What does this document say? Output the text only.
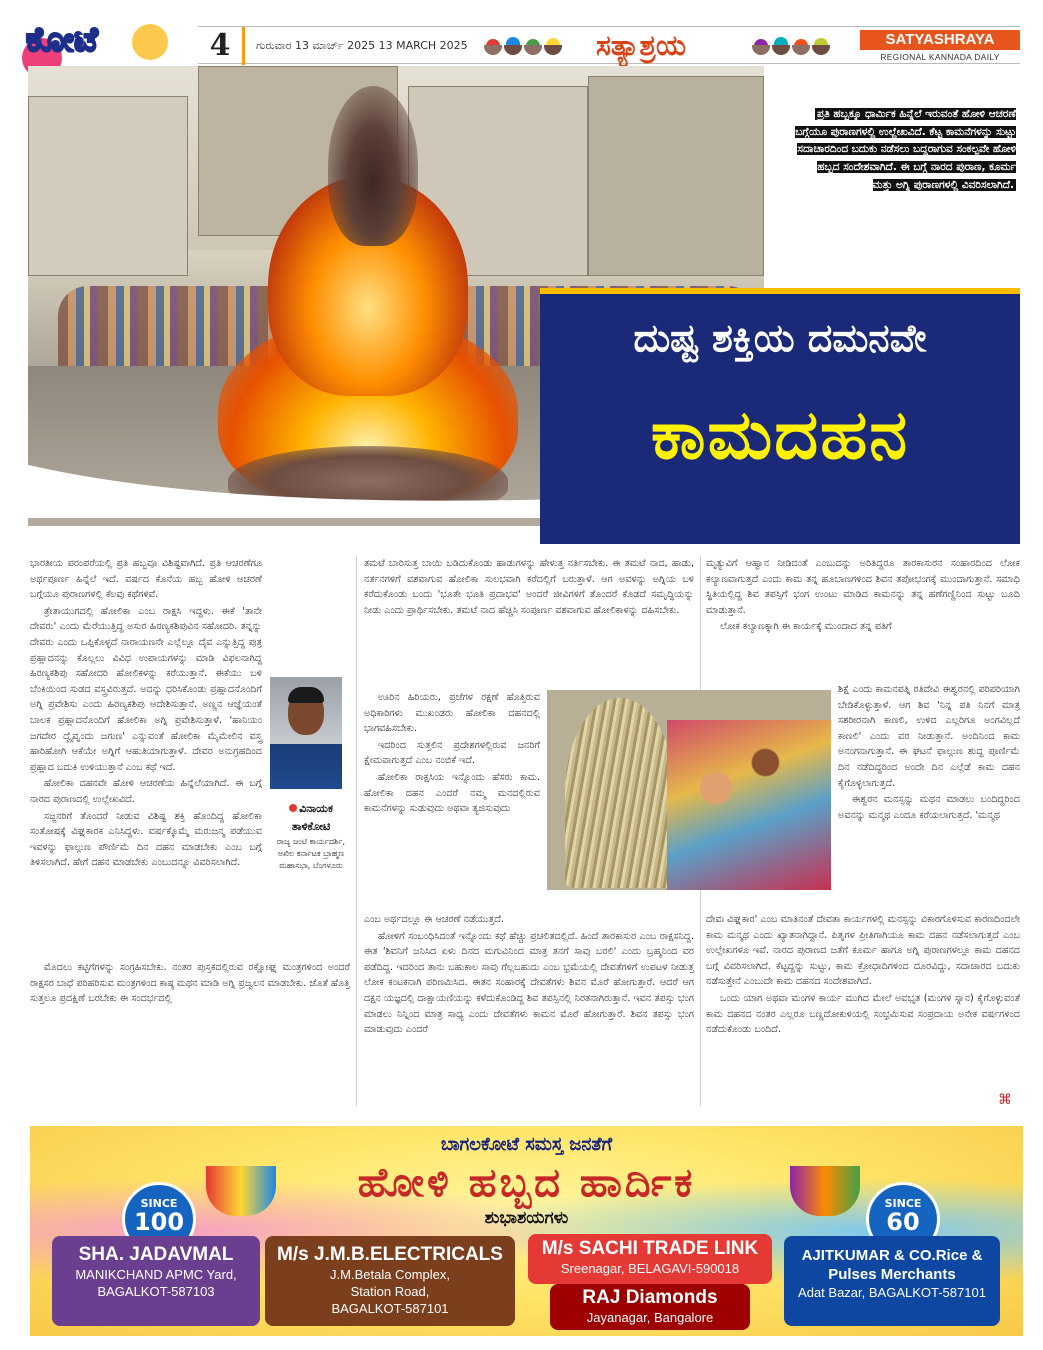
ಕೋಟೆ	4	ಗುರುವಾರ 13 ಮಾರ್ಚ್ 2025 13 MARCH 2025	ಸತ್ಯಾಶ್ರಯ	SATYASHRAYA
REGIONAL KANNADA DAILY

ಪ್ರತಿ ಹಬ್ಬಕ್ಕೂ ಧಾರ್ಮಿಕ ಹಿನ್ನೆಲೆ ಇರುವಂತೆ ಹೋಳಿ ಆಚರಣೆ ಬಗ್ಗೆಯೂ ಪುರಾಣಗಳಲ್ಲಿ ಉಲ್ಲೇಖವಿದೆ. ಕೆಟ್ಟ ಕಾಮನೆಗಳನ್ನು ಸುಟ್ಟು ಸದಾಚಾರದಿಂದ ಬದುಕು ನಡೆಸಲು ಬದ್ಧರಾಗುವ ಸಂಕಲ್ಪವೇ ಹೋಳಿ ಹಬ್ಬದ ಸಂದೇಶವಾಗಿದೆ. ಈ ಬಗ್ಗೆ ನಾರದ ಪುರಾಣ, ಕೂರ್ಮ ಮತ್ತು ಅಗ್ನಿ ಪುರಾಣಗಳಲ್ಲಿ ವಿವರಿಸಲಾಗಿದೆ.

ದುಷ್ಟ ಶಕ್ತಿಯ ದಮನವೇ
ಕಾಮದಹನ

ಭಾರತೀಯ ಪರಂಪರೆಯಲ್ಲಿ ಪ್ರತಿ ಹಬ್ಬವೂ ವಿಶಿಷ್ಟವಾಗಿದೆ. ಪ್ರತಿ ಆಚರಣೆಗೂ ಅರ್ಥಪೂರ್ಣ ಹಿನ್ನೆಲೆ ಇದೆ. ವರ್ಷದ ಕೊನೆಯ ಹಬ್ಬ ಹೋಳಿ ಆಚರಣೆ ಬಗ್ಗೆಯೂ ಪುರಾಣಗಳಲ್ಲಿ ಕೆಲವು ಕಥೆಗಳಿವೆ.

ತ್ರೇತಾಯುಗದಲ್ಲಿ ಹೋಲಿಕಾ ಎಂಬ ರಾಕ್ಷಸಿ ಇದ್ದಳು. ಈಕೆ 'ತಾನೇ ದೇವರು' ಎಂದು ಮೆರೆಯುತ್ತಿದ್ದ ಅಸುರ ಹಿರಣ್ಯಕಶಿಪುವಿನ ಸಹೋದರಿ. ತನ್ನನ್ನು ದೇವರು ಎಂದು ಒಪ್ಪಿಕೊಳ್ಳದೆ ನಾರಾಯಣನೇ ಎಲ್ಲೆಲ್ಲೂ ದೈವ ಎನ್ನುತ್ತಿದ್ದ ಪುತ್ರ ಪ್ರಹ್ಲಾದನನ್ನು ಕೊಲ್ಲಲು ವಿವಿಧ ಉಪಾಯಗಳನ್ನು ಮಾಡಿ ವಿಫಲನಾಗಿದ್ದ ಹಿರಣ್ಯಕಶಿಪು ಸಹೋದರಿ ಹೋಲಿಕಳನ್ನು ಕರೆಯುತ್ತಾನೆ. ಈಕೆಯು ಬಳಿ ಬೆಂಕಿಯಿಂದ ಸುಡದ ವಸ್ತ್ರವಿರುತ್ತದೆ. ಅದನ್ನು ಧರಿಸಿಕೊಂಡು ಪ್ರಹ್ಲಾದನೊಂದಿಗೆ ಅಗ್ನಿ ಪ್ರವೇಶಿಸು ಎಂದು ಹಿರಣ್ಯಕಶಿಪು ಆದೇಶಿಸುತ್ತಾನೆ. ಅಣ್ಣನ ಆಜ್ಞೆಯಂತೆ ಬಾಲಕ ಪ್ರಹ್ಲಾದನೊಂದಿಗೆ ಹೋಲಿಕಾ ಅಗ್ನಿ ಪ್ರವೇಶಿಸುತ್ತಾಳೆ. 'ಹಾನಿಯಂ ಜಗದೇರ ದ್ವೈವೃಂದು ಜಗುಣ' ಎನ್ನುವಂತೆ ಹೋಲಿಕಾ ಮೈಮೇಲಿನ ವಸ್ತ್ರ ಹಾರಿಹೋಗಿ ಆಕೆಯೇ ಅಗ್ನಿಗೆ ಆಹುತಿಯಾಗುತ್ತಾಳೆ. ದೇವರ ಅನುಗ್ರಹದಿಂದ ಪ್ರಹ್ಲಾದ ಬದುಕಿ ಉಳಿಯುತ್ತಾನೆ ಎಂಬ ಕಥೆ ಇದೆ.

ಹೋಲಿಕಾ ದಹನವೇ ಹೋಳಿ ಆಚರಣೆಯ ಹಿನ್ನೆಲೆಯಾಗಿದೆ. ಈ ಬಗ್ಗೆ ನಾರದ ಪುರಾಣದಲ್ಲಿ ಉಲ್ಲೇಖವಿದೆ.

ಸಜ್ಜನರಿಗೆ ತೊಂದರೆ ನೀಡುವ ವಿಶಿಷ್ಟ ಶಕ್ತಿ ಹೊಂದಿದ್ದ ಹೋಲಿಕಾ ಸಂತೋಷಕ್ಕೆ ವಿಘ್ನಕಾರಕ ಎನಿಸಿದ್ದಳು. ವರ್ಷಕ್ಕೊಮ್ಮೆ ಮರುಜನ್ಮ ಪಡೆಯುವ ಇವಳನ್ನು ಫಾಲ್ಗುಣ ಪೌರ್ಣಿಮೆ ದಿನ ದಹನ ಮಾಡಬೇಕು ಎಂಬ ಬಗ್ಗೆ ತಿಳಿಸಲಾಗಿದೆ. ಹೇಗೆ ದಹನ ಮಾಡಬೇಕು ಎಂಬುದನ್ನೂ ವಿವರಿಸಲಾಗಿದೆ.

ಮೊದಲು ಕಟ್ಟಿಗೆಗಳನ್ನು ಸಂಗ್ರಹಿಸಬೇಕು. ನಂತರ ಪುಸ್ತಕದಲ್ಲಿರುವ ರಕ್ಷೋಘ್ನ ಮಂತ್ರಗಳಿಂದ ಅಂದರೆ ರಾಕ್ಷಸರ ಬಾಧೆ ಪರಿಹರಿಸುವ ಮಂತ್ರಗಳಿಂದ ಕಾಷ್ಠ ಮಥನ ಮಾಡಿ ಅಗ್ನಿ ಪ್ರಜ್ವಲನ ಮಾಡಬೇಕು. ಜೊತೆ ಹೊತ್ತಿ ಸುತ್ತಲೂ ಪ್ರದಕ್ಷಿಣೆ ಬರಬೇಕು ಈ ಸಂದರ್ಭದಲ್ಲಿ

ವಿನಾಯಕ
ತಾಳಿಕೋಟಿ
ರಾಜ್ಯ ಜಂಟಿ ಕಾರ್ಯದರ್ಶಿ, ಅಖಿಲ ಕರ್ನಾಟಕ ಬ್ರಾಹ್ಮಣ ಮಹಾಸಭಾ, ಬೆಂಗಳೂರು

ತಮಟೆ ಬಾರಿಸುತ್ತ ಬಾಯಿ ಬಡಿದುಕೊಂಡು ಹಾಡುಗಳನ್ನು ಹೇಳುತ್ತ ನರ್ತಿಸಬೇಕು. ಈ ತಮಟೆ ನಾದ, ಹಾಡು, ನರ್ತನಗಳಿಗೆ ವಶವಾಗುವ ಹೋಲಿಕಾ ಸುಲಭವಾಗಿ ಕರೆದಲ್ಲಿಗೆ ಬರುತ್ತಾಳೆ. ಆಗ ಅವಳನ್ನು ಅಗ್ನಿಯ ಬಳಿ ಕರೆದುಕೊಂಡು ಬಂದು 'ಭೂತೇ ಭೂತಿ ಪ್ರದಾಭವ' ಅಂದರೆ ಜೀವಿಗಳಿಗೆ ತೊಂದರೆ ಕೊಡದೆ ಸಮೃದ್ಧಿಯನ್ನು ನೀಡು ಎಂದು ಪ್ರಾರ್ಥಿಸಬೇಕು. ತಮಟೆ ನಾದ ಹೆಚ್ಚಿಸಿ ಸಂಪೂರ್ಣ ವಶವಾಗುವ ಹೋಲಿಕಾಳನ್ನು ದಹಿಸಬೇಕು.

ಊರಿನ ಹಿರಿಯರು, ಪ್ರಜೆಗಳ ರಕ್ಷಣೆ ಹೊತ್ತಿರುವ ಅಧಿಕಾರಿಗಳು ಮುಖಂಡರು ಹೋಲಿಕಾ ದಹನದಲ್ಲಿ ಭಾಗವಹಿಸಬೇಕು.

ಇದರಿಂದ ಸುತ್ತಲಿನ ಪ್ರದೇಶಗಳಲ್ಲಿರುವ ಜನರಿಗೆ ಕ್ಷೇಮವಾಗುತ್ತದೆ ಎಂಬ ನಂಬಿಕೆ ಇದೆ.

ಹೋಲಿಕಾ ರಾಕ್ಷಸಿಯ ಇನ್ನೊಂದು ಹೆಸರು ಕಾಮ. ಹೋಲಿಕಾ ದಹನ ಎಂದರೆ ನಮ್ಮ ಮನದಲ್ಲಿರುವ ಕಾಮನೆಗಳನ್ನು ಸುಡುವುದು ಅಥವಾ ತ್ಯಜಿಸುವುದು

ಎಂಬ ಅರ್ಥದಲ್ಲೂ ಈ ಆಚರಣೆ ನಡೆಯುತ್ತದೆ.

ಹೋಳಿಗೆ ಸಂಬಂಧಿಸಿದಂತೆ ಇನ್ನೊಂದು ಕಥೆ ಹೆಚ್ಚು ಪ್ರಚಲಿತದಲ್ಲಿದೆ. ಹಿಂದೆ ತಾರಕಾಸುರ ಎಂಬ ರಾಕ್ಷಸನಿದ್ದ. ಈತ 'ಶಿವನಿಗೆ ಜನಿಸಿದ ಏಳು ದಿನದ ಮಗುವಿನಿಂದ ಮಾತ್ರ ತನಗೆ ಸಾವು ಬರಲಿ' ಎಂದು ಬ್ರಹ್ಮನಿಂದ ವರ ಪಡೆದಿದ್ದ. ಇದರಿಂದ ತಾನು ಬಹುಕಾಲ ಸಾವು ಗೆಲ್ಲಬಹುದು ಎಂಬ ಭ್ರಮೆಯಲ್ಲಿ ದೇವತೆಗಳಿಗೆ ಉಪಟಳ ನೀಡುತ್ತ ಲೋಕ ಕಂಟಕನಾಗಿ ಪರಿಣಮಿಸಿದ. ಈತನ ಸಂಹಾರಕ್ಕೆ ದೇವತೆಗಳು ಶಿವನ ಮೊರೆ ಹೋಗುತ್ತಾರೆ. ಆದರೆ ಆಗ ದಕ್ಷನ ಯಜ್ಞದಲ್ಲಿ ದಾಕ್ಷಾಯಣಿಯನ್ನು ಕಳೆದುಕೊಂಡಿದ್ದ ಶಿವ ತಪಸ್ಸಿನಲ್ಲಿ ನಿರತನಾಗಿರುತ್ತಾನೆ. ಇವನ ತಪಸ್ಸು ಭಂಗ ಮಾಡಲು ನಿನ್ನಿಂದ ಮಾತ್ರ ಸಾಧ್ಯ ಎಂದು ದೇವತೆಗಳು ಕಾಮನ ಮೊರೆ ಹೋಗುತ್ತಾರೆ. ಶಿವನ ತಪಸ್ಸು ಭಂಗ ಮಾಡುವುದು ಎಂದರೆ

ಮೃತ್ಯುವಿಗೆ ಆಹ್ವಾನ ನೀಡಿದಂತೆ ಎಂಬುದನ್ನು ಅರಿತಿದ್ದರೂ ತಾರಕಾಸುರನ ಸಂಹಾರದಿಂದ ಲೋಕ ಕಲ್ಯಾಣವಾಗುತ್ತದೆ ಎಂದು ಕಾಮ ತನ್ನ ಹೂಬಾಣಗಳಿಂದ ಶಿವನ ತಪೋಭಂಗಕ್ಕೆ ಮುಂದಾಗುತ್ತಾನೆ. ಸಮಾಧಿ ಸ್ಥಿತಿಯಲ್ಲಿದ್ದ ಶಿವ ತಪಸ್ಸಿಗೆ ಭಂಗ ಉಂಟು ಮಾಡಿದ ಕಾಮನನ್ನು ತನ್ನ ಹಣೆಗಣ್ಣಿನಿಂದ ಸುಟ್ಟು ಬೂದಿ ಮಾಡುತ್ತಾನೆ.

ಲೋಕ ಕಲ್ಯಾಣಕ್ಕಾಗಿ ಈ ಕಾರ್ಯಕ್ಕೆ ಮುಂದಾದ ತನ್ನ ಪತಿಗೆ

ಶಿಕ್ಷೆ ಎಂದು ಕಾಮನಪತ್ನಿ ರತಿದೇವಿ ಈಶ್ವರನಲ್ಲಿ ಪರಿಪರಿಯಾಗಿ ಬೇಡಿಕೊಳ್ಳುತ್ತಾಳೆ. ಆಗ ಶಿವ 'ನಿನ್ನ ಪತಿ ನಿನಗೆ ಮಾತ್ರ ಸಶರೀರನಾಗಿ ಕಾಣಲಿ, ಉಳಿದ ಎಲ್ಲರಿಗೂ ಅಂಗವಿಲ್ಲದೆ ಕಾಣಲಿ' ಎಂದು ವರ ನೀಡುತ್ತಾನೆ. ಅಂದಿನಿಂದ ಕಾಮ ಅನಂಗನಾಗುತ್ತಾನೆ. ಈ ಘಟನೆ ಫಾಲ್ಗುಣ ಶುದ್ಧ ಪೂರ್ಣಿಮೆ ದಿನ ನಡೆದಿದ್ದರಿಂದ ಅಂದೇ ದಿನ ಎಲ್ಲೆಡೆ ಕಾಮ ದಹನ ಕೈಗೊಳ್ಳಲಾಗುತ್ತದೆ.

ಈಶ್ವರನ ಮನಸ್ಸನ್ನು ಮಥನ ಮಾಡಲು ಬಂದಿದ್ದರಿಂದ ಅವನನ್ನು ಮನ್ಮಥ ಎಂದೂ ಕರೆಯಲಾಗುತ್ತದೆ. 'ಮನ್ಮಥ

ದೇವಃ ವಿಘ್ನಕಾರ' ಎಂಬ ಮಾತಿನಂತೆ ದೇವತಾ ಕಾರ್ಯಗಳಲ್ಲಿ ಮನಸ್ಸನ್ನು ವಿಕಾರಗೊಳಿಸುವ ಕಾರಣದಿಂದಲೇ ಕಾಮ ಮನ್ಮಥ ಎಂದು ಖ್ಯಾತನಾಗಿದ್ದಾನೆ. ಪಿತೃಗಳ ಪ್ರೀತಿಗಾಗಿಯೂ ಕಾಮ ದಹನ ನಡೆಸಲಾಗುತ್ತದೆ ಎಂಬ ಉಲ್ಲೇಖಗಳೂ ಇವೆ. ನಾರದ ಪುರಾಣದ ಜತೆಗೆ ಕೂರ್ಮ ಹಾಗೂ ಅಗ್ನಿ ಪುರಾಣಗಳಲ್ಲೂ ಕಾಮ ದಹನದ ಬಗ್ಗೆ ವಿವರಿಸಲಾಗಿದೆ. ಕೆಟ್ಟದ್ದನ್ನು ಸುಟ್ಟು, ಕಾಮ ಕ್ರೋಧಾದಿಗಳಿಂದ ದೂರವಿದ್ದು, ಸದಾಚಾರದ ಬದುಕು ನಡೆಸುತ್ತೇನೆ ಎಂಬುದೇ ಕಾಮ ದಹನದ ಸಂದೇಶವಾಗಿದೆ.

ಒಂದು ಯಾಗ ಅಥವಾ ಮಂಗಳ ಕಾರ್ಯ ಮುಗಿದ ಮೇಲೆ ಅವಭೃತ (ಮಂಗಳ ಸ್ನಾನ) ಕೈಗೊಳ್ಳುವಂತೆ ಕಾಮ ದಹನದ ನಂತರ ಎಲ್ಲರೂ ಬಣ್ಣದೋಕುಳಿಯಲ್ಲಿ ಸಂಭ್ರಮಿಸುವ ಸಂಪ್ರದಾಯ ಅನೇಕ ವರ್ಷಗಳಿಂದ ನಡೆದುಕೊಂಡು ಬಂದಿದೆ.

⌘
ಬಾಗಲಕೋಟೆ ಸಮಸ್ತ ಜನತೆಗೆ
ಹೋಳಿ ಹಬ್ಬದ ಹಾರ್ದಿಕ
ಶುಭಾಶಯಗಳು
SINCE
100
SINCE
60
SHA. JADAVMAL
MANIKCHAND APMC Yard,
BAGALKOT-587103
M/s J.M.B.ELECTRICALS
J.M.Betala Complex,
Station Road,
BAGALKOT-587101
M/s SACHI TRADE LINK
Sreenagar, BELAGAVI-590018
RAJ Diamonds
Jayanagar, Bangalore
AJITKUMAR & CO.Rice & Pulses Merchants
Adat Bazar, BAGALKOT-587101
